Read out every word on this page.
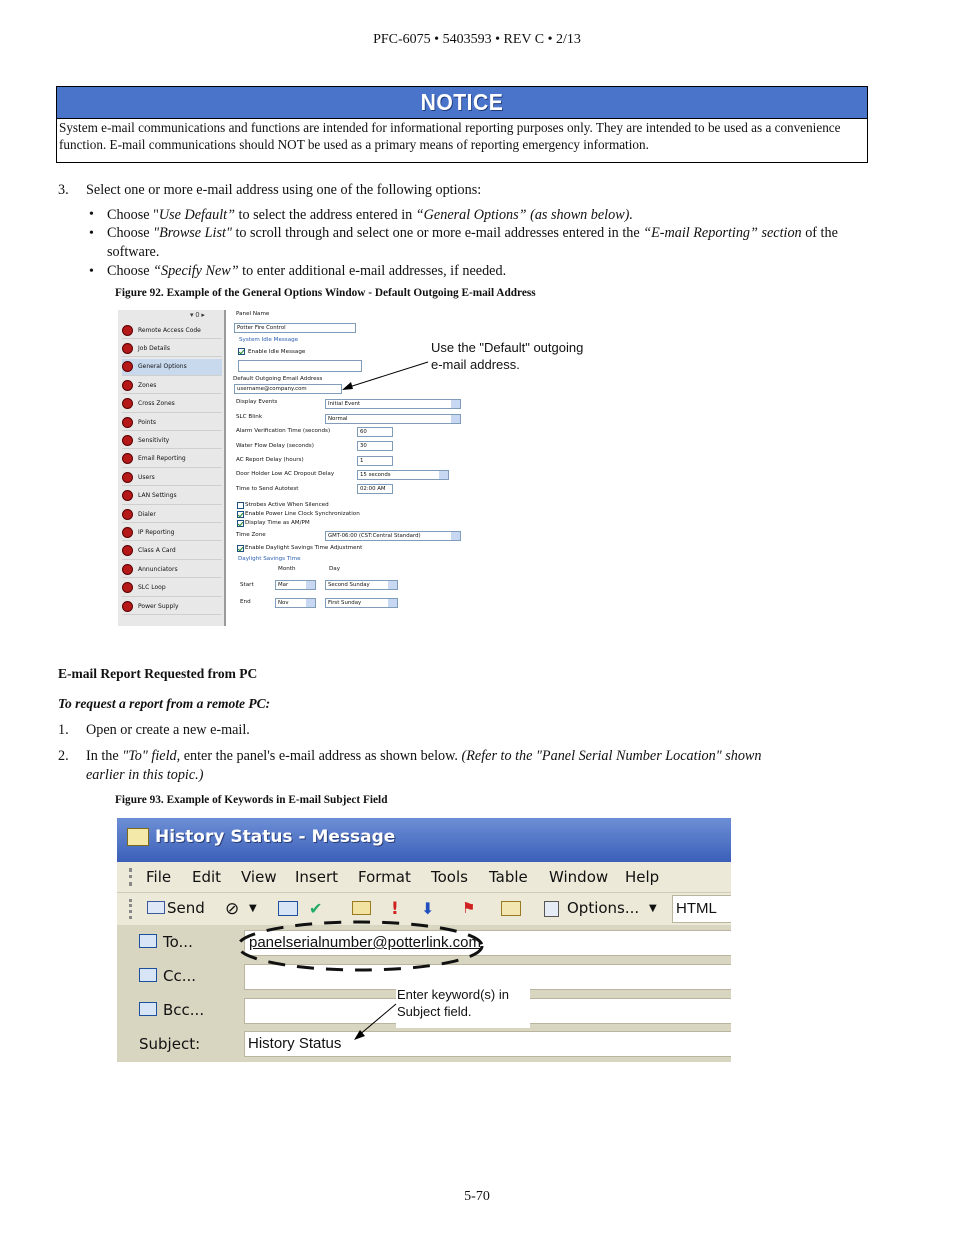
PFC-6075 • 5403593 • REV C • 2/13
NOTICE
System e-mail communications and functions are intended for informational reporting purposes only. They are intended to be used as a convenience function. E-mail communications should NOT be used as a primary means of reporting emergency information.
3. Select one or more e-mail address using one of the following options:
• Choose "Use Default” to select the address entered in “General Options” (as shown below).
• Choose "Browse List" to scroll through and select one or more e-mail addresses entered in the “E-mail Reporting” section of the software.
• Choose “Specify New” to enter additional e-mail addresses, if needed.
Figure 92. Example of the General Options Window - Default Outgoing E-mail Address
▾ 0 ▸
Remote Access Code
Job Details
General Options
Zones
Cross Zones
Points
Sensitivity
Email Reporting
Users
LAN Settings
Dialer
IP Reporting
Class A Card
Annunciators
SLC Loop
Power Supply
Panel Name
Potter Fire Control
System Idle Message
Enable Idle Message
Default Outgoing Email Address
username@company.com
Display Events	Initial Event
SLC Blink	Normal
Alarm Verification Time (seconds)	60
Water Flow Delay (seconds)	30
AC Report Delay (hours)	1
Door Holder Low AC Dropout Delay	15 seconds
Time to Send Autotest	02:00 AM
Strobes Active When Silenced
Enable Power Line Clock Synchronization
Display Time as AM/PM
Time Zone	GMT-06:00 (CST:Central Standard)
Enable Daylight Savings Time Adjustment
Daylight Savings Time
Month	Day
Start	Mar	Second Sunday
End	Nov	First Sunday
Use the "Default" outgoing
e-mail address.
E-mail Report Requested from PC
To request a report from a remote PC:
1. Open or create a new e-mail.
2. In the "To" field, enter the panel's e-mail address as shown below. (Refer to the "Panel Serial Number Location" shown
earlier in this topic.)
Figure 93. Example of Keywords in E-mail Subject Field
History Status - Message
File Edit View Insert Format Tools Table Window Help
Send ⊘ ▼	✔	! ⬇ ⚑	Options... ▼ HTML
To...	panelserialnumber@potterlink.com
Cc...
Bcc...
Subject:	History Status
Enter keyword(s) in
Subject field.
5-70
